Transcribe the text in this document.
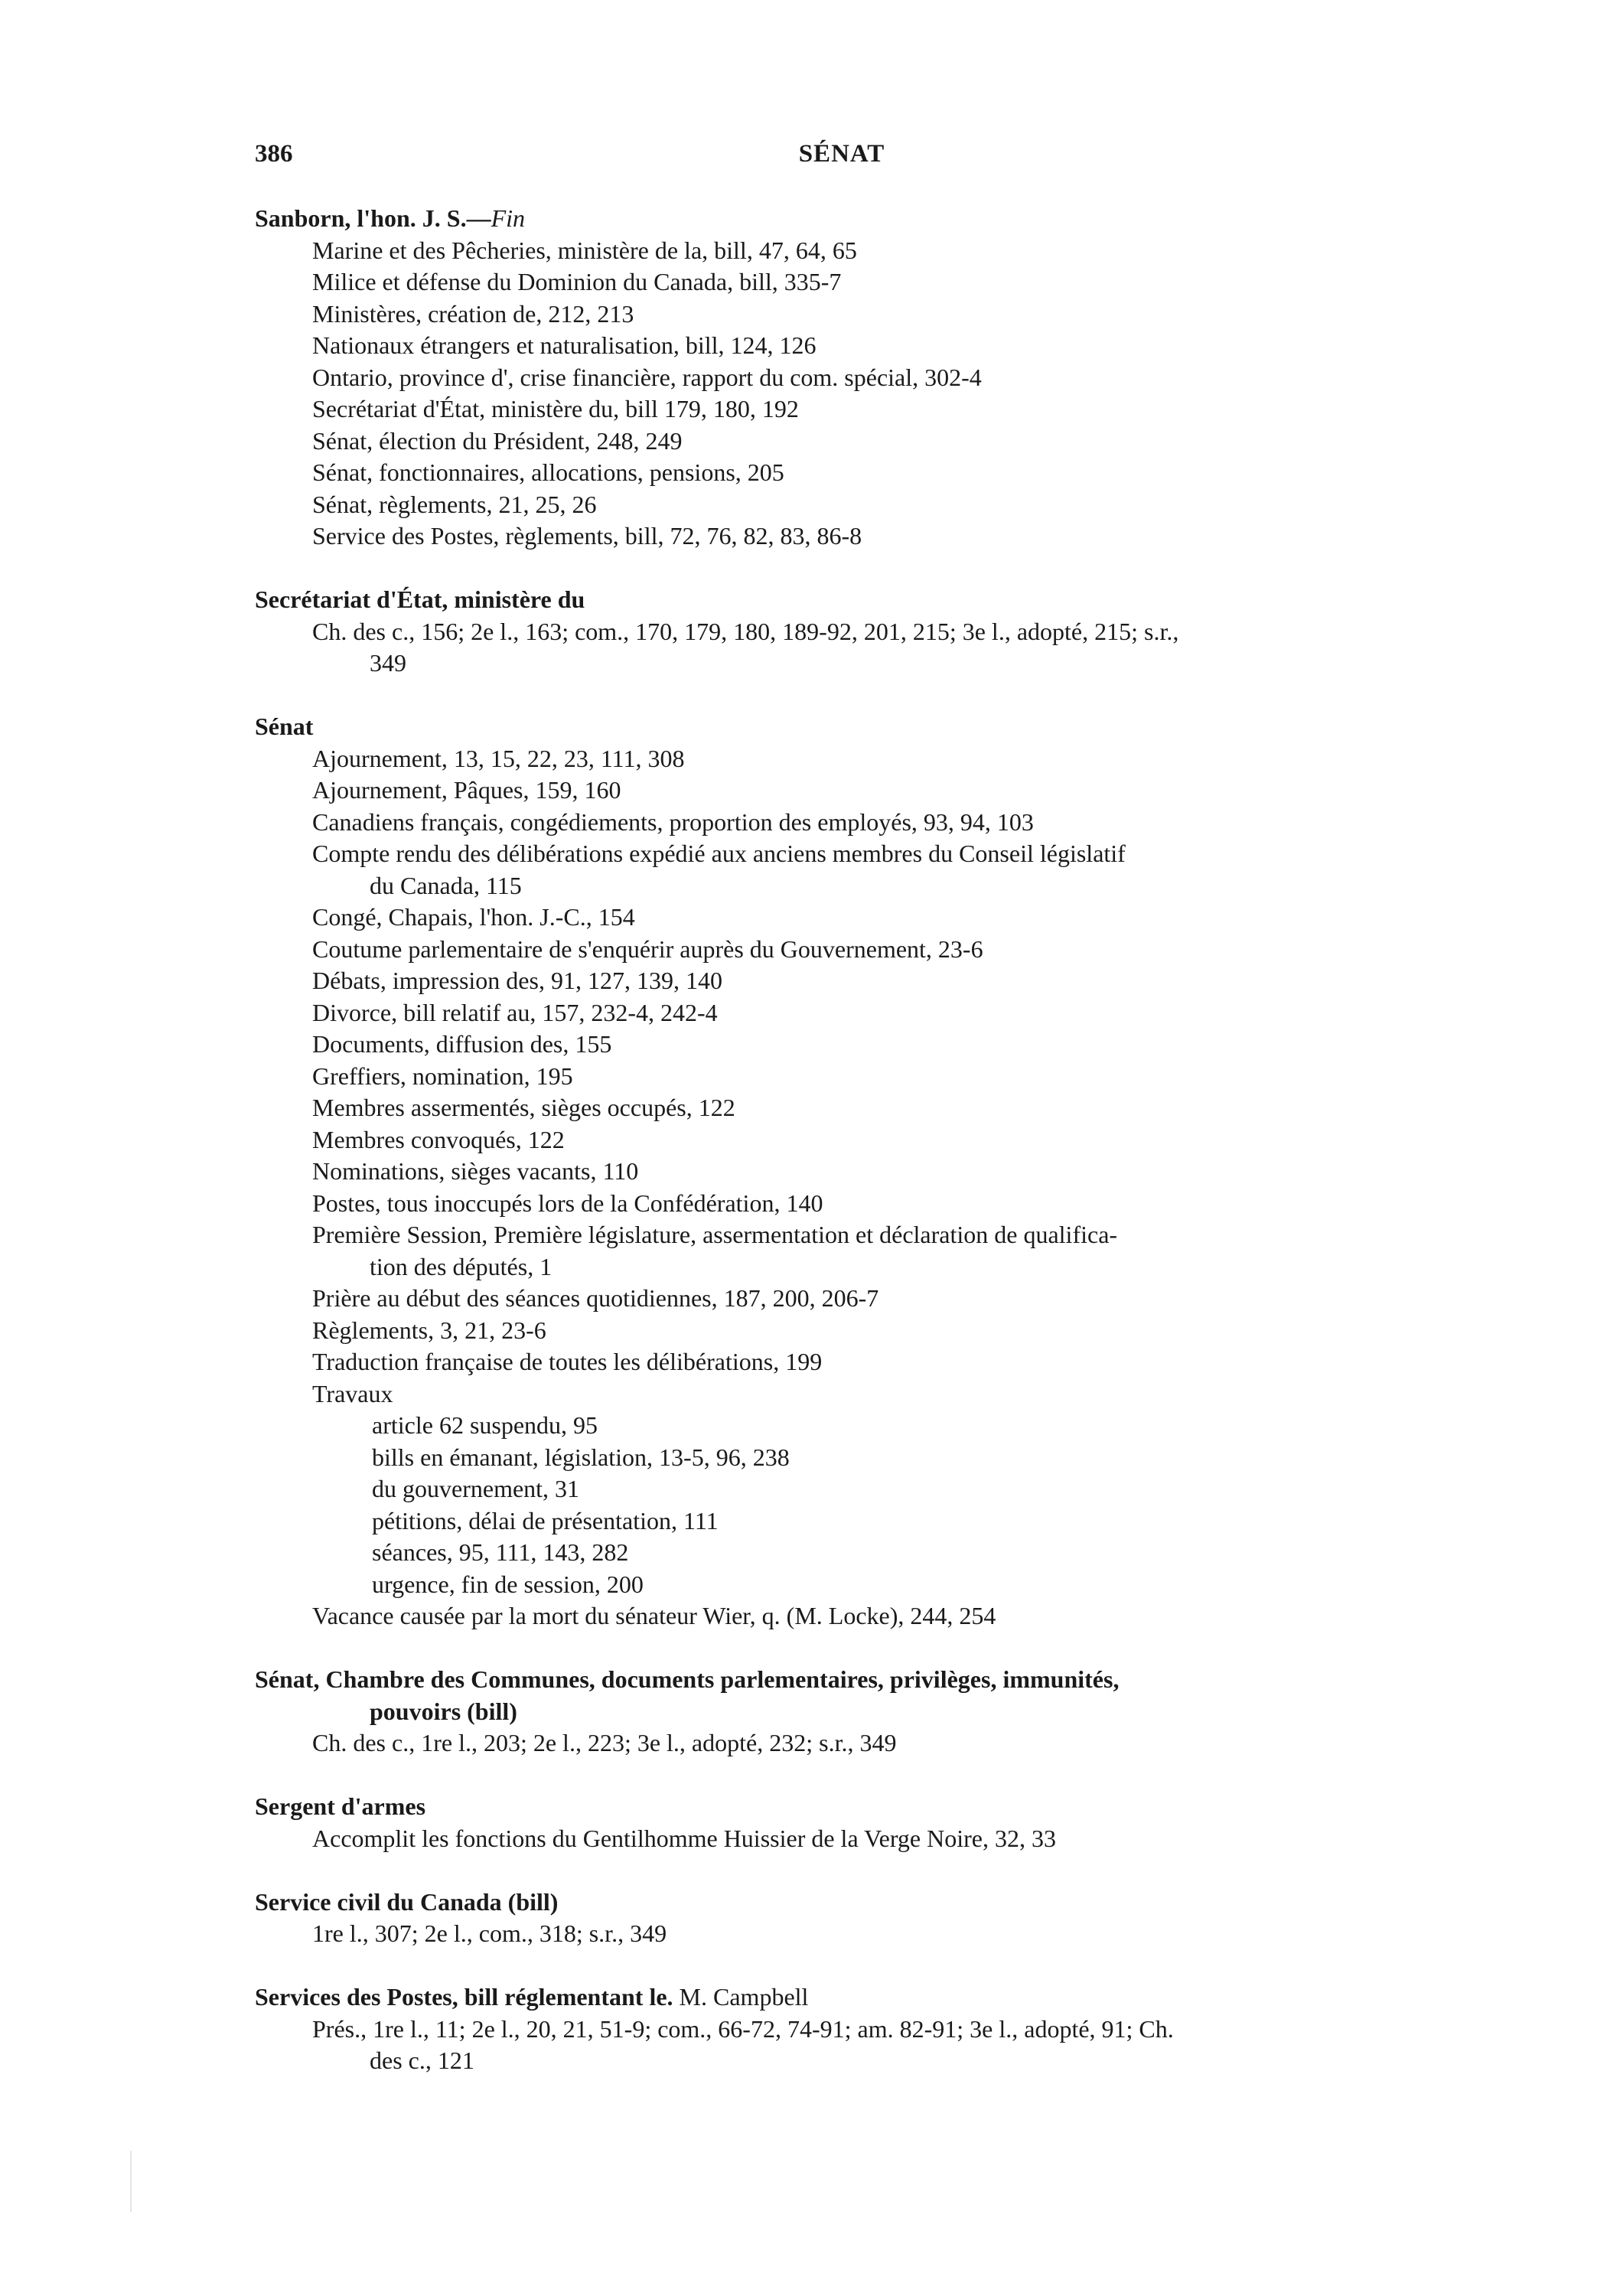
386	SÉNAT
Sanborn, l'hon. J. S.—Fin
Marine et des Pêcheries, ministère de la, bill, 47, 64, 65
Milice et défense du Dominion du Canada, bill, 335-7
Ministères, création de, 212, 213
Nationaux étrangers et naturalisation, bill, 124, 126
Ontario, province d', crise financière, rapport du com. spécial, 302-4
Secrétariat d'État, ministère du, bill 179, 180, 192
Sénat, élection du Président, 248, 249
Sénat, fonctionnaires, allocations, pensions, 205
Sénat, règlements, 21, 25, 26
Service des Postes, règlements, bill, 72, 76, 82, 83, 86-8
Secrétariat d'État, ministère du
Ch. des c., 156; 2e l., 163; com., 170, 179, 180, 189-92, 201, 215; 3e l., adopté, 215; s.r.,
349
Sénat
Ajournement, 13, 15, 22, 23, 111, 308
Ajournement, Pâques, 159, 160
Canadiens français, congédiements, proportion des employés, 93, 94, 103
Compte rendu des délibérations expédié aux anciens membres du Conseil législatif
du Canada, 115
Congé, Chapais, l'hon. J.-C., 154
Coutume parlementaire de s'enquérir auprès du Gouvernement, 23-6
Débats, impression des, 91, 127, 139, 140
Divorce, bill relatif au, 157, 232-4, 242-4
Documents, diffusion des, 155
Greffiers, nomination, 195
Membres assermentés, sièges occupés, 122
Membres convoqués, 122
Nominations, sièges vacants, 110
Postes, tous inoccupés lors de la Confédération, 140
Première Session, Première législature, assermentation et déclaration de qualifica-
tion des députés, 1
Prière au début des séances quotidiennes, 187, 200, 206-7
Règlements, 3, 21, 23-6
Traduction française de toutes les délibérations, 199
Travaux
article 62 suspendu, 95
bills en émanant, législation, 13-5, 96, 238
du gouvernement, 31
pétitions, délai de présentation, 111
séances, 95, 111, 143, 282
urgence, fin de session, 200
Vacance causée par la mort du sénateur Wier, q. (M. Locke), 244, 254
Sénat, Chambre des Communes, documents parlementaires, privilèges, immunités,
pouvoirs (bill)
Ch. des c., 1re l., 203; 2e l., 223; 3e l., adopté, 232; s.r., 349
Sergent d'armes
Accomplit les fonctions du Gentilhomme Huissier de la Verge Noire, 32, 33
Service civil du Canada (bill)
1re l., 307; 2e l., com., 318; s.r., 349
Services des Postes, bill réglementant le. M. Campbell
Prés., 1re l., 11; 2e l., 20, 21, 51-9; com., 66-72, 74-91; am. 82-91; 3e l., adopté, 91; Ch.
des c., 121
